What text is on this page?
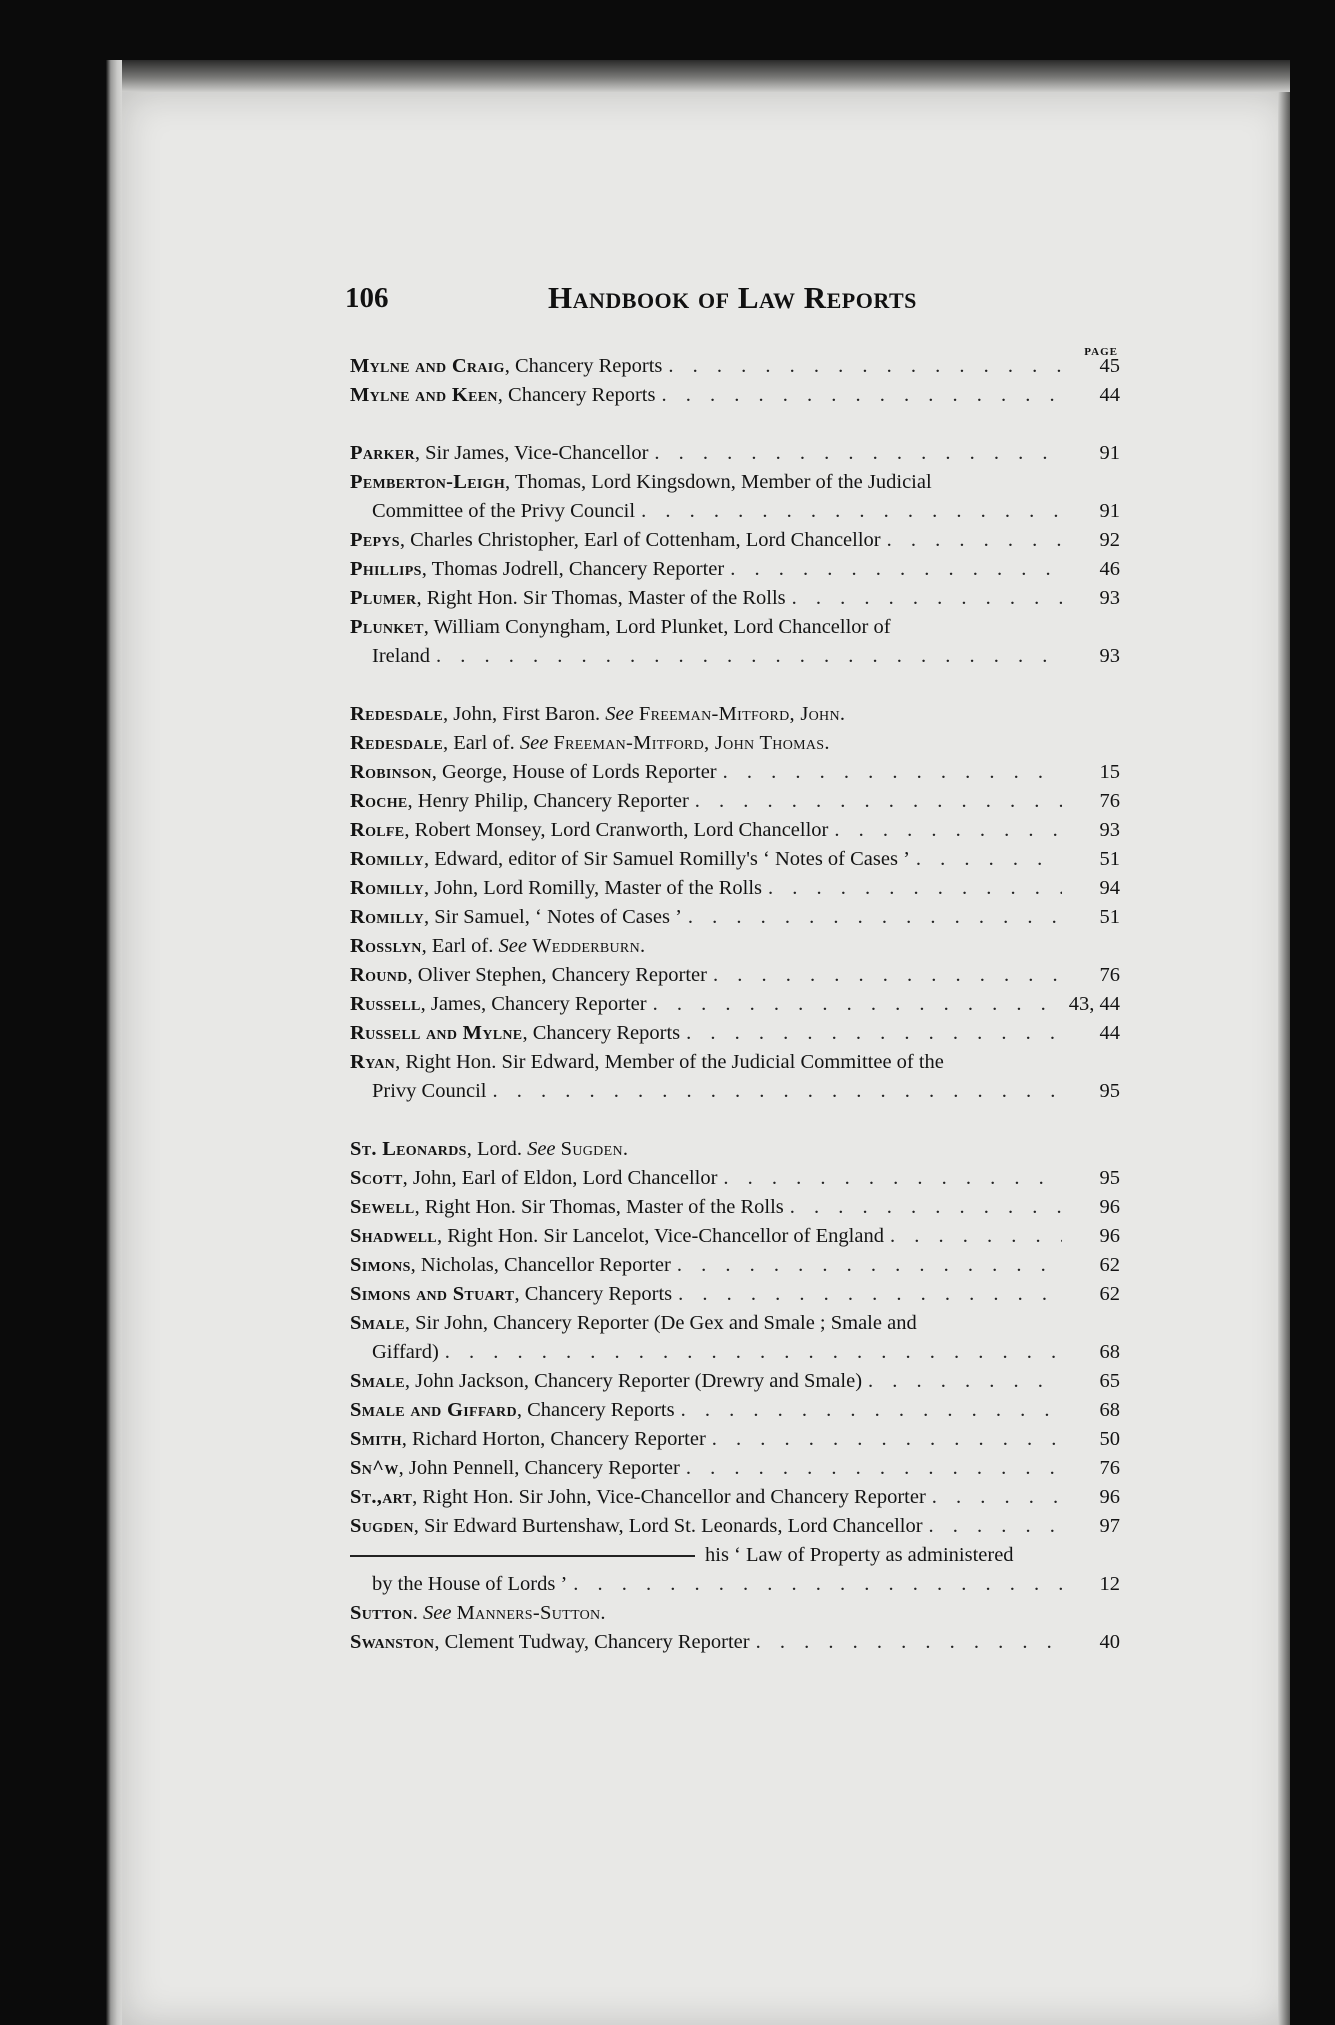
106	Handbook of Law Reports
PAGE
Mylne and Craig, Chancery Reports . . .	45
Mylne and Keen, Chancery Reports . . .	44
Parker, Sir James, Vice-Chancellor . . .	91
Pemberton-Leigh, Thomas, Lord Kingsdown, Member of the Judicial
Committee of the Privy Council . . .	91
Pepys, Charles Christopher, Earl of Cottenham, Lord Chancellor . . .	92
Phillips, Thomas Jodrell, Chancery Reporter . . .	46
Plumer, Right Hon. Sir Thomas, Master of the Rolls . . .	93
Plunket, William Conyngham, Lord Plunket, Lord Chancellor of
Ireland . . .	93
Redesdale, John, First Baron. See Freeman-Mitford, John.
Redesdale, Earl of. See Freeman-Mitford, John Thomas.
Robinson, George, House of Lords Reporter . . .	15
Roche, Henry Philip, Chancery Reporter . . .	76
Rolfe, Robert Monsey, Lord Cranworth, Lord Chancellor . . .	93
Romilly, Edward, editor of Sir Samuel Romilly's ‘ Notes of Cases ’ . . .	51
Romilly, John, Lord Romilly, Master of the Rolls . . .	94
Romilly, Sir Samuel, ‘ Notes of Cases ’ . . .	51
Rosslyn, Earl of. See Wedderburn.
Round, Oliver Stephen, Chancery Reporter . . .	76
Russell, James, Chancery Reporter . . .	43, 44
Russell and Mylne, Chancery Reports . . .	44
Ryan, Right Hon. Sir Edward, Member of the Judicial Committee of the
Privy Council . . .	95
St. Leonards, Lord. See Sugden.
Scott, John, Earl of Eldon, Lord Chancellor . . .	95
Sewell, Right Hon. Sir Thomas, Master of the Rolls . . .	96
Shadwell, Right Hon. Sir Lancelot, Vice-Chancellor of England . . .	96
Simons, Nicholas, Chancellor Reporter . . .	62
Simons and Stuart, Chancery Reports . . .	62
Smale, Sir John, Chancery Reporter (De Gex and Smale ; Smale and
Giffard) . . .	68
Smale, John Jackson, Chancery Reporter (Drewry and Smale) . . .	65
Smale and Giffard, Chancery Reports . . .	68
Smith, Richard Horton, Chancery Reporter . . .	50
Sn^w, John Pennell, Chancery Reporter . . .	76
St.,art, Right Hon. Sir John, Vice-Chancellor and Chancery Reporter . . .	96
Sugden, Sir Edward Burtenshaw, Lord St. Leonards, Lord Chancellor . . .	97
his ‘ Law of Property as administered
by the House of Lords ’ . . .	12
Sutton. See Manners-Sutton.
Swanston, Clement Tudway, Chancery Reporter . . .	40
